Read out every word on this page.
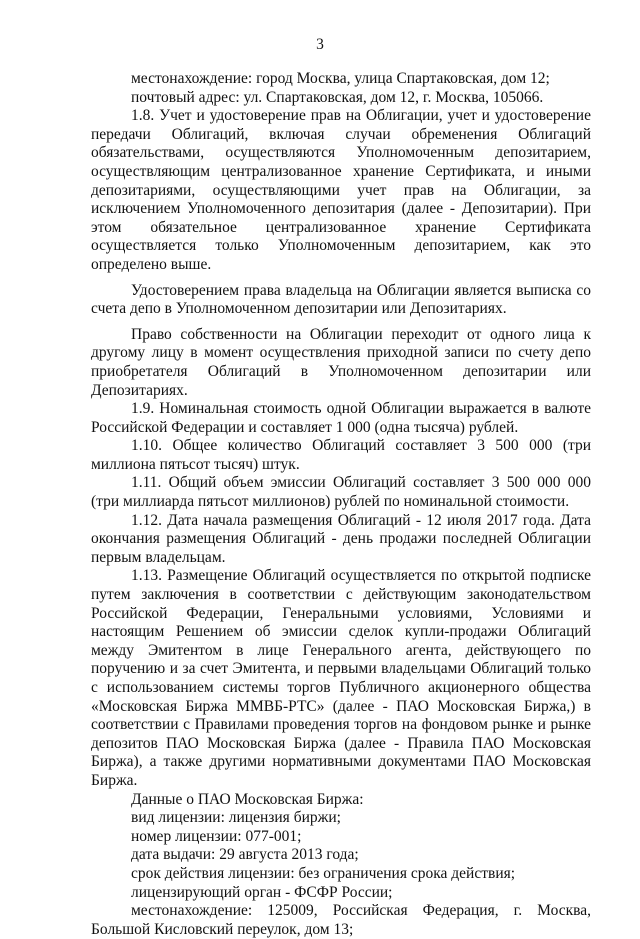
3

местонахождение: город Москва, улица Спартаковская, дом 12;

почтовый адрес: ул. Спартаковская, дом 12, г. Москва, 105066.

1.8. Учет и удостоверение прав на Облигации, учет и удостоверение передачи Облигаций, включая случаи обременения Облигаций обязательствами, осуществляются Уполномоченным депозитарием, осуществляющим централизованное хранение Сертификата, и иными депозитариями, осуществляющими учет прав на Облигации, за исключением Уполномоченного депозитария (далее - Депозитарии). При этом обязательное централизованное хранение Сертификата осуществляется только Уполномоченным депозитарием, как это определено выше.

Удостоверением права владельца на Облигации является выписка со счета депо в Уполномоченном депозитарии или Депозитариях.

Право собственности на Облигации переходит от одного лица к другому лицу в момент осуществления приходной записи по счету депо приобретателя Облигаций в Уполномоченном депозитарии или Депозитариях.

1.9. Номинальная стоимость одной Облигации выражается в валюте Российской Федерации и составляет 1 000 (одна тысяча) рублей.

1.10. Общее количество Облигаций составляет 3 500 000 (три миллиона пятьсот тысяч) штук.

1.11. Общий объем эмиссии Облигаций составляет 3 500 000 000 (три миллиарда пятьсот миллионов) рублей по номинальной стоимости.

1.12. Дата начала размещения Облигаций - 12 июля 2017 года. Дата окончания размещения Облигаций - день продажи последней Облигации первым владельцам.

1.13. Размещение Облигаций осуществляется по открытой подписке путем заключения в соответствии с действующим законодательством Российской Федерации, Генеральными условиями, Условиями и настоящим Решением об эмиссии сделок купли-продажи Облигаций между Эмитентом в лице Генерального агента, действующего по поручению и за счет Эмитента, и первыми владельцами Облигаций только с использованием системы торгов Публичного акционерного общества «Московская Биржа ММВБ-РТС» (далее - ПАО Московская Биржа,) в соответствии с Правилами проведения торгов на фондовом рынке и рынке депозитов ПАО Московская Биржа (далее - Правила ПАО Московская Биржа), а также другими нормативными документами ПАО Московская Биржа.

Данные о ПАО Московская Биржа:

вид лицензии: лицензия биржи;

номер лицензии: 077-001;

дата выдачи: 29 августа 2013 года;

срок действия лицензии: без ограничения срока действия;

лицензирующий орган - ФСФР России;

местонахождение: 125009, Российская Федерация, г. Москва, Большой Кисловский переулок, дом 13;
